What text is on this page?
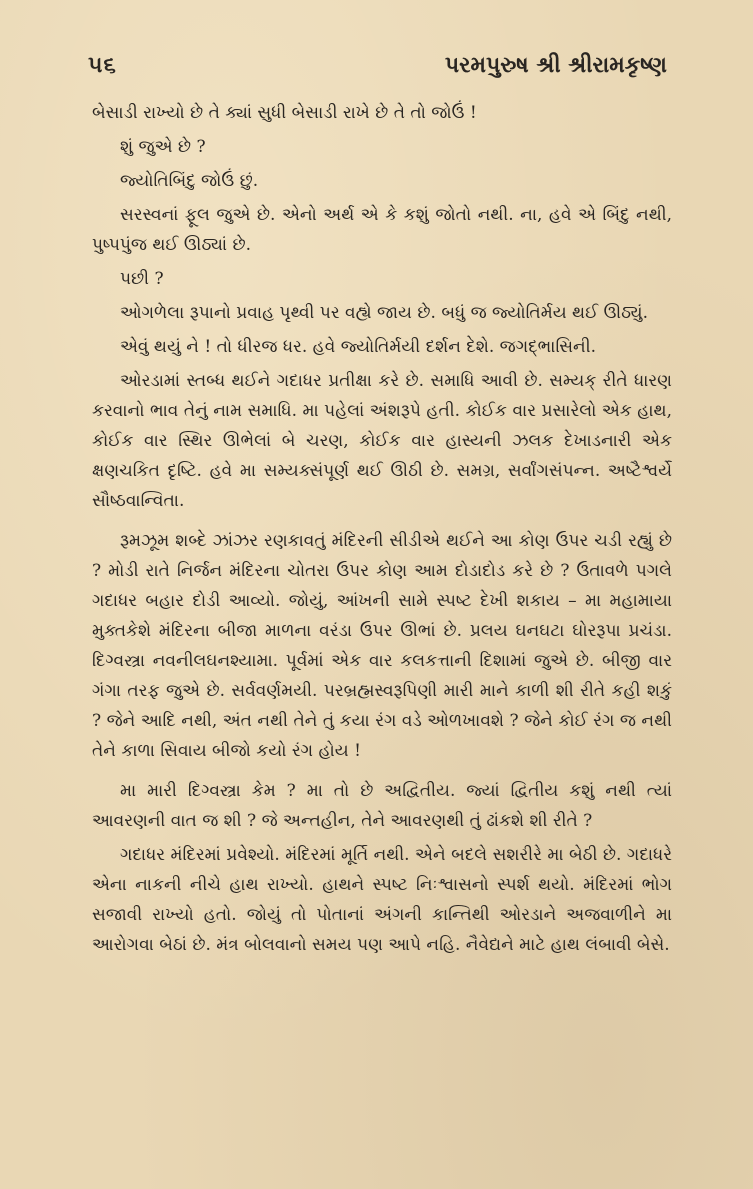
૫૬	પરમપુરુષ શ્રી શ્રીરામકૃષ્ણ

બેસાડી રાખ્યો છે તે ક્યાં સુધી બેસાડી રાખે છે તે તો જોઉં !

શું જુએ છે ?

જ્યોતિબિંદુ જોઉં છું.

સરસ્વનાં ફૂલ જુએ છે. એનો અર્થ એ કે કશું જોતો નથી. ના, હવે એ બિંદુ નથી, પુષ્પપુંજ થઈ ઊઠ્યાં છે.

પછી ?

ઓગળેલા રૂપાનો પ્રવાહ પૃથ્વી પર વહ્યે જાય છે. બધું જ જ્યોતિર્મય થઈ ઊઠ્યું.

એવું થયું ને ! તો ધીરજ ધર. હવે જ્યોતિર્મયી દર્શન દેશે. જગદ્ભાસિની.

ઓરડામાં સ્તબ્ધ થઈને ગદાધર પ્રતીક્ષા કરે છે. સમાધિ આવી છે. સમ્યક્ રીતે ધારણ કરવાનો ભાવ તેનું નામ સમાધિ. મા પહેલાં અંશરૂપે હતી. કોઈક વાર પ્રસારેલો એક હાથ, કોઈક વાર સ્થિર ઊભેલાં બે ચરણ, કોઈક વાર હાસ્યની ઝલક દેખાડનારી એક ક્ષણચકિત દૃષ્ટિ. હવે મા સમ્યક્સંપૂર્ણ થઈ ઊઠી છે. સમગ્ર, સર્વાંગસંપન્ન. અષ્ટૈશ્વર્યે સૌષ્ઠવાન્વિતા.

રૂમઝૂમ શબ્દે ઝાંઝર રણકાવતું મંદિરની સીડીએ થઈને આ કોણ ઉપર ચડી રહ્યું છે ? મોડી રાતે નિર્જન મંદિરના ચોતરા ઉપર કોણ આમ દોડાદોડ કરે છે ? ઉતાવળે પગલે ગદાધર બહાર દોડી આવ્યો. જોયું, આંખની સામે સ્પષ્ટ દેખી શકાય – મા મહામાયા મુક્તકેશે મંદિરના બીજા માળના વરંડા ઉપર ઊભાં છે. પ્રલય ઘનઘટા ઘોરરૂપા પ્રચંડા. દિગ્વસ્ત્રા નવનીલઘનશ્યામા. પૂર્વમાં એક વાર કલકત્તાની દિશામાં જુએ છે. બીજી વાર ગંગા તરફ જુએ છે. સર્વવર્ણમયી. પરબ્રહ્મસ્વરૂપિણી મારી માને કાળી શી રીતે કહી શકું ? જેને આદિ નથી, અંત નથી તેને તું કયા રંગ વડે ઓળખાવશે ? જેને કોઈ રંગ જ નથી તેને કાળા સિવાય બીજો કયો રંગ હોય !

મા મારી દિગ્વસ્ત્રા કેમ ? મા તો છે અદ્વિતીય. જ્યાં દ્વિતીય કશું નથી ત્યાં આવરણની વાત જ શી ? જે અન્તહીન, તેને આવરણથી તું ઢાંકશે શી રીતે ?

ગદાધર મંદિરમાં પ્રવેશ્યો. મંદિરમાં મૂર્તિ નથી. એને બદલે સશરીરે મા બેઠી છે. ગદાધરે એના નાકની નીચે હાથ રાખ્યો. હાથને સ્પષ્ટ નિઃશ્વાસનો સ્પર્શ થયો. મંદિરમાં ભોગ સજાવી રાખ્યો હતો. જોયું તો પોતાનાં અંગની કાન્તિથી ઓરડાને અજવાળીને મા આરોગવા બેઠાં છે. મંત્ર બોલવાનો સમય પણ આપે નહિ. નૈવેદ્યને માટે હાથ લંબાવી બેસે.
